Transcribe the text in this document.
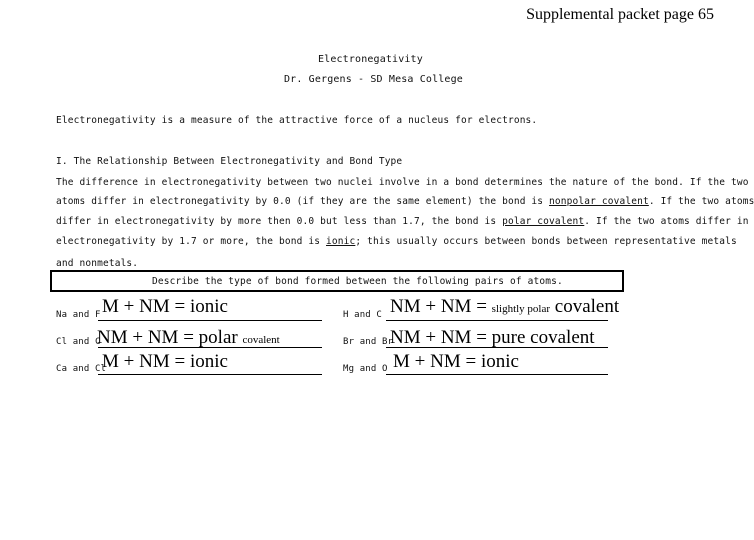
Supplemental packet page 65
Electronegativity
Dr. Gergens - SD Mesa College
Electronegativity is a measure of the attractive force of a nucleus for electrons.
I. The Relationship Between Electronegativity and Bond Type
The difference in electronegativity between two nuclei involve in a bond determines the nature of the bond. If the two
atoms differ in electronegativity by 0.0 (if they are the same element) the bond is nonpolar covalent. If the two atoms
differ in electronegativity by more then 0.0 but less than 1.7, the bond is polar covalent. If the two atoms differ in
electronegativity by 1.7 or more, the bond is ionic; this usually occurs between bonds between representative metals
and nonmetals.
Describe the type of bond formed between the following pairs of atoms.
Na and F M + NM = ionic
Cl and C
NM + NM = polar covalent
Ca and Cl
M + NM = ionic
H and C NM + NM = slightly polar covalent
Br and Br
NM + NM = pure covalent
Mg and O M + NM = ionic
